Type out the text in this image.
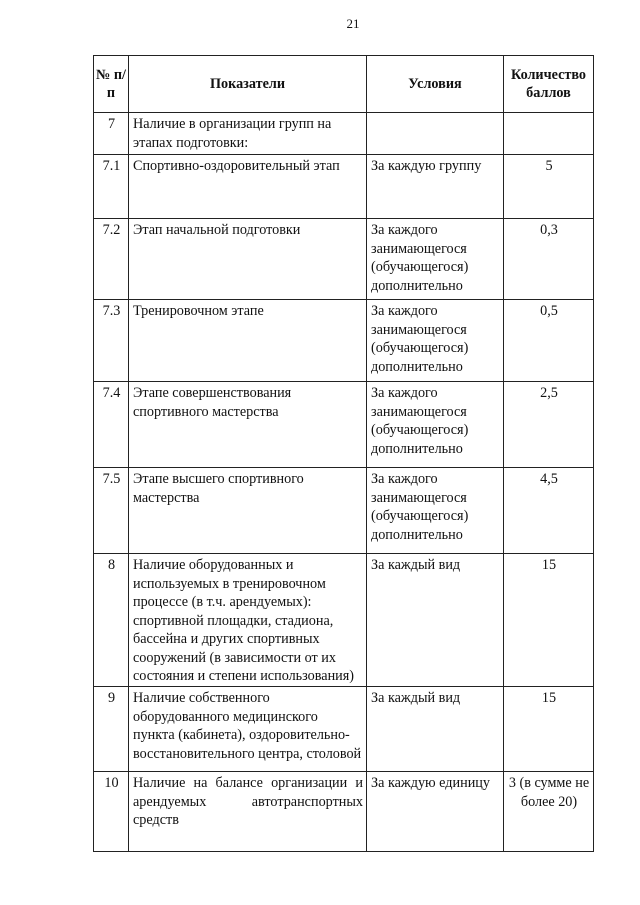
21
№ п/п	Показатели	Условия	Количество баллов
7	Наличие в организации групп на этапах подготовки:		
7.1	Спортивно-оздоровительный этап	За каждую группу	5
7.2	Этап начальной подготовки	За каждого занимающегося (обучающегося) дополнительно	0,3
7.3	Тренировочном этапе	За каждого занимающегося (обучающегося) дополнительно	0,5
7.4	Этапе совершенствования спортивного мастерства	За каждого занимающегося (обучающегося) дополнительно	2,5
7.5	Этапе высшего спортивного мастерства	За каждого занимающегося (обучающегося) дополнительно	4,5
8	Наличие оборудованных и используемых в тренировочном процессе (в т.ч. арендуемых): спортивной площадки, стадиона, бассейна и других спортивных сооружений (в зависимости от их состояния и степени использования)	За каждый вид	15
9	Наличие собственного оборудованного медицинского пункта (кабинета), оздоровительно-восстановительного центра, столовой	За каждый вид	15
10	Наличие на балансе организации и арендуемых автотранспортных средств	За каждую единицу	3 (в сумме не более 20)
